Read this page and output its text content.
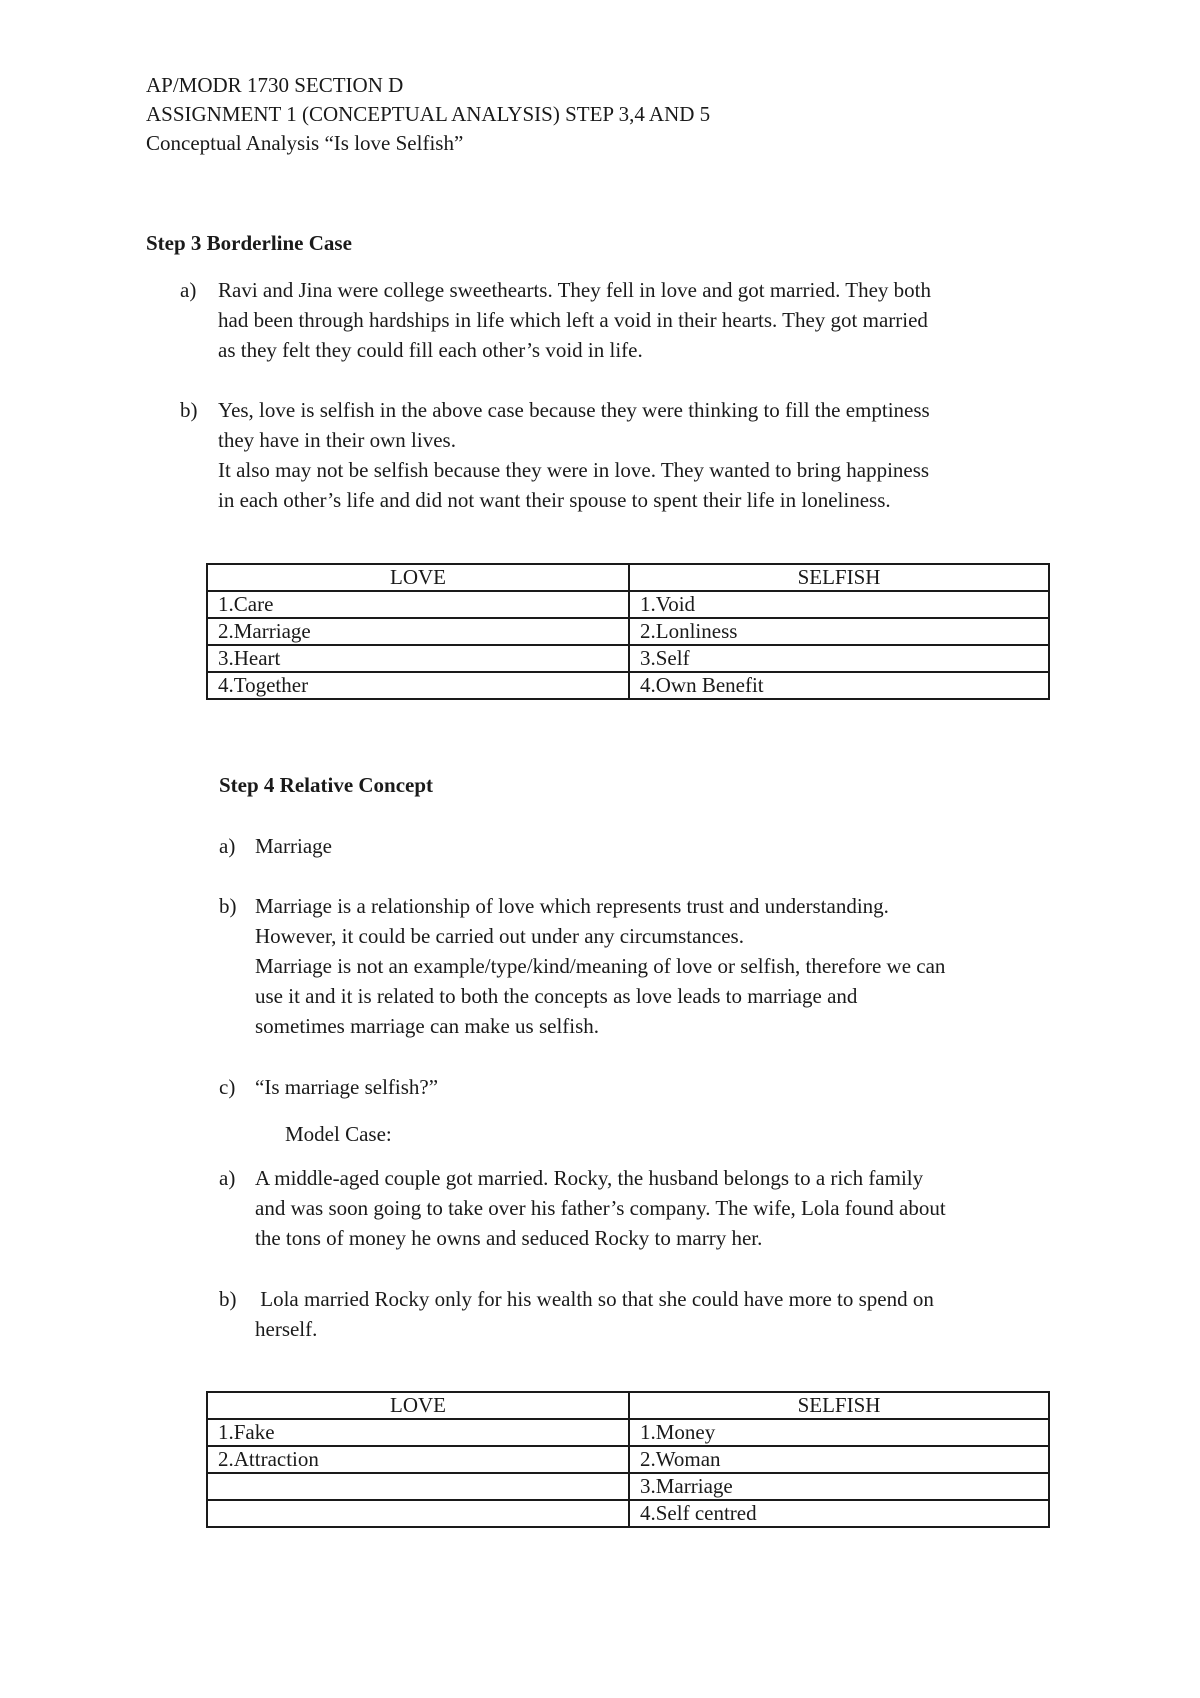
AP/MODR 1730 SECTION D
ASSIGNMENT 1 (CONCEPTUAL ANALYSIS) STEP 3,4 AND 5
Conceptual Analysis “Is love Selfish”
Step 3 Borderline Case
a) Ravi and Jina were college sweethearts. They fell in love and got married. They both
had been through hardships in life which left a void in their hearts. They got married
as they felt they could fill each other’s void in life.
b) Yes, love is selfish in the above case because they were thinking to fill the emptiness
they have in their own lives.
It also may not be selfish because they were in love. They wanted to bring happiness
in each other’s life and did not want their spouse to spent their life in loneliness.
LOVE	SELFISH
1.Care	1.Void
2.Marriage	2.Lonliness
3.Heart	3.Self
4.Together	4.Own Benefit
Step 4 Relative Concept
a) Marriage
b) Marriage is a relationship of love which represents trust and understanding.
However, it could be carried out under any circumstances.
Marriage is not an example/type/kind/meaning of love or selfish, therefore we can
use it and it is related to both the concepts as love leads to marriage and
sometimes marriage can make us selfish.
c) “Is marriage selfish?”
Model Case:
a) A middle-aged couple got married. Rocky, the husband belongs to a rich family
and was soon going to take over his father’s company. The wife, Lola found about
the tons of money he owns and seduced Rocky to marry her.
b) Lola married Rocky only for his wealth so that she could have more to spend on
herself.
LOVE	SELFISH
1.Fake	1.Money
2.Attraction	2.Woman
	3.Marriage
	4.Self centred
